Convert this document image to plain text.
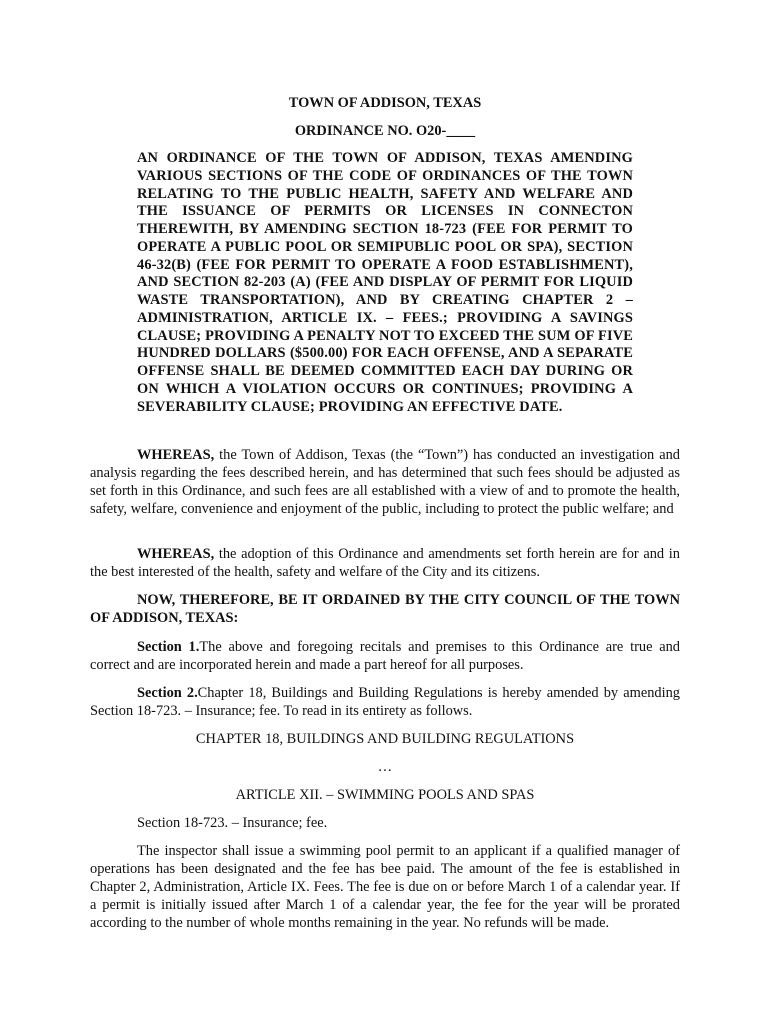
TOWN OF ADDISON, TEXAS

ORDINANCE NO. O20-____

AN ORDINANCE OF THE TOWN OF ADDISON, TEXAS AMENDING VARIOUS SECTIONS OF THE CODE OF ORDINANCES OF THE TOWN RELATING TO THE PUBLIC HEALTH, SAFETY AND WELFARE AND THE ISSUANCE OF PERMITS OR LICENSES IN CONNECTON THEREWITH, BY AMENDING SECTION 18-723 (FEE FOR PERMIT TO OPERATE A PUBLIC POOL OR SEMIPUBLIC POOL OR SPA), SECTION 46-32(B) (FEE FOR PERMIT TO OPERATE A FOOD ESTABLISHMENT), AND SECTION 82-203 (A) (FEE AND DISPLAY OF PERMIT FOR LIQUID WASTE TRANSPORTATION), AND BY CREATING CHAPTER 2 – ADMINISTRATION, ARTICLE IX. – FEES.; PROVIDING A SAVINGS CLAUSE; PROVIDING A PENALTY NOT TO EXCEED THE SUM OF FIVE HUNDRED DOLLARS ($500.00) FOR EACH OFFENSE, AND A SEPARATE OFFENSE SHALL BE DEEMED COMMITTED EACH DAY DURING OR ON WHICH A VIOLATION OCCURS OR CONTINUES; PROVIDING A SEVERABILITY CLAUSE; PROVIDING AN EFFECTIVE DATE.

WHEREAS, the Town of Addison, Texas (the “Town”) has conducted an investigation and analysis regarding the fees described herein, and has determined that such fees should be adjusted as set forth in this Ordinance, and such fees are all established with a view of and to promote the health, safety, welfare, convenience and enjoyment of the public, including to protect the public welfare; and

WHEREAS, the adoption of this Ordinance and amendments set forth herein are for and in the best interested of the health, safety and welfare of the City and its citizens.

NOW, THEREFORE, BE IT ORDAINED BY THE CITY COUNCIL OF THE TOWN OF ADDISON, TEXAS:

Section 1.The above and foregoing recitals and premises to this Ordinance are true and correct and are incorporated herein and made a part hereof for all purposes.

Section 2.Chapter 18, Buildings and Building Regulations is hereby amended by amending Section 18-723. – Insurance; fee. To read in its entirety as follows.

CHAPTER 18, BUILDINGS AND BUILDING REGULATIONS

…

ARTICLE XII. – SWIMMING POOLS AND SPAS

Section 18-723. – Insurance; fee.

The inspector shall issue a swimming pool permit to an applicant if a qualified manager of operations has been designated and the fee has bee paid. The amount of the fee is established in Chapter 2, Administration, Article IX. Fees. The fee is due on or before March 1 of a calendar year. If a permit is initially issued after March 1 of a calendar year, the fee for the year will be prorated according to the number of whole months remaining in the year. No refunds will be made.
